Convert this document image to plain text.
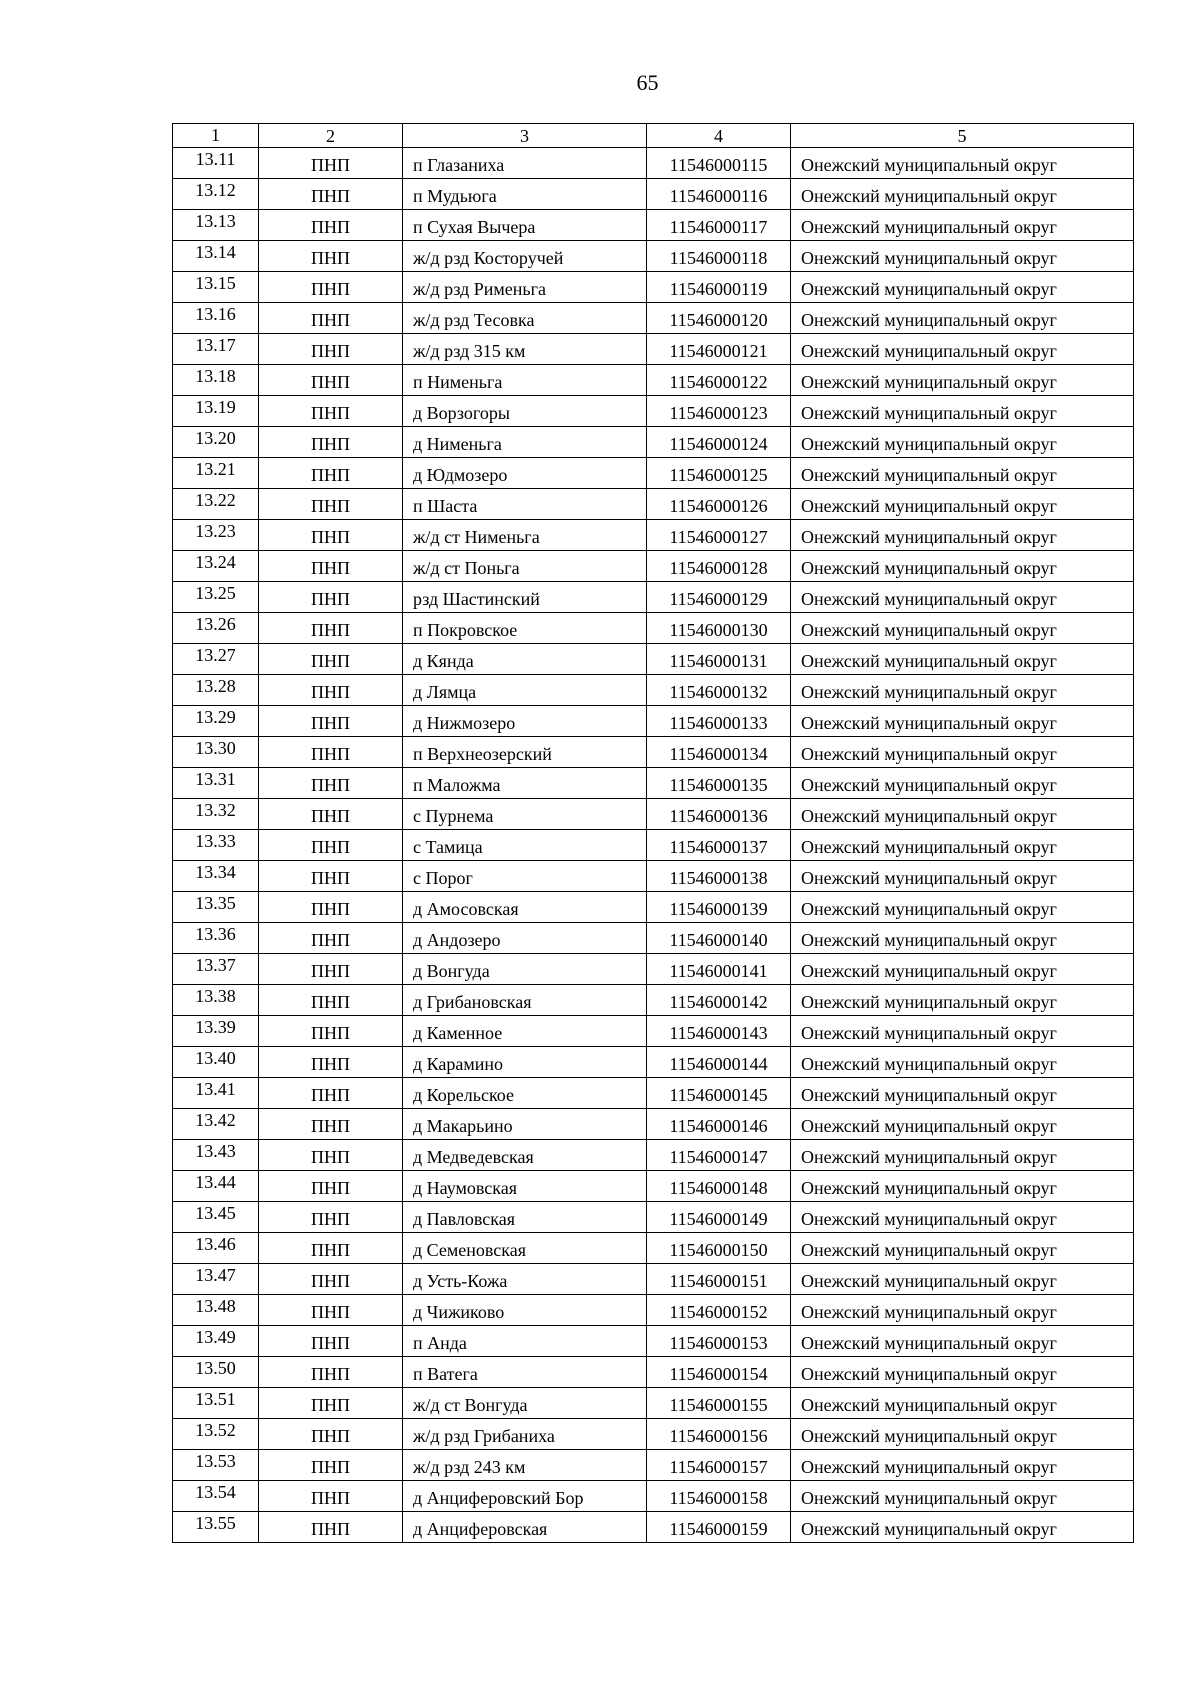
65
1	2	3	4	5
13.11	ПНП	п Глазаниха	11546000115	Онежский муниципальный округ
13.12	ПНП	п Мудьюга	11546000116	Онежский муниципальный округ
13.13	ПНП	п Сухая Вычера	11546000117	Онежский муниципальный округ
13.14	ПНП	ж/д рзд Косторучей	11546000118	Онежский муниципальный округ
13.15	ПНП	ж/д рзд Рименьга	11546000119	Онежский муниципальный округ
13.16	ПНП	ж/д рзд Тесовка	11546000120	Онежский муниципальный округ
13.17	ПНП	ж/д рзд 315 км	11546000121	Онежский муниципальный округ
13.18	ПНП	п Нименьга	11546000122	Онежский муниципальный округ
13.19	ПНП	д Ворзогоры	11546000123	Онежский муниципальный округ
13.20	ПНП	д Нименьга	11546000124	Онежский муниципальный округ
13.21	ПНП	д Юдмозеро	11546000125	Онежский муниципальный округ
13.22	ПНП	п Шаста	11546000126	Онежский муниципальный округ
13.23	ПНП	ж/д ст Нименьга	11546000127	Онежский муниципальный округ
13.24	ПНП	ж/д ст Поньга	11546000128	Онежский муниципальный округ
13.25	ПНП	рзд Шастинский	11546000129	Онежский муниципальный округ
13.26	ПНП	п Покровское	11546000130	Онежский муниципальный округ
13.27	ПНП	д Кянда	11546000131	Онежский муниципальный округ
13.28	ПНП	д Лямца	11546000132	Онежский муниципальный округ
13.29	ПНП	д Нижмозеро	11546000133	Онежский муниципальный округ
13.30	ПНП	п Верхнеозерский	11546000134	Онежский муниципальный округ
13.31	ПНП	п Маложма	11546000135	Онежский муниципальный округ
13.32	ПНП	с Пурнема	11546000136	Онежский муниципальный округ
13.33	ПНП	с Тамица	11546000137	Онежский муниципальный округ
13.34	ПНП	с Порог	11546000138	Онежский муниципальный округ
13.35	ПНП	д Амосовская	11546000139	Онежский муниципальный округ
13.36	ПНП	д Андозеро	11546000140	Онежский муниципальный округ
13.37	ПНП	д Вонгуда	11546000141	Онежский муниципальный округ
13.38	ПНП	д Грибановская	11546000142	Онежский муниципальный округ
13.39	ПНП	д Каменное	11546000143	Онежский муниципальный округ
13.40	ПНП	д Карамино	11546000144	Онежский муниципальный округ
13.41	ПНП	д Корельское	11546000145	Онежский муниципальный округ
13.42	ПНП	д Макарьино	11546000146	Онежский муниципальный округ
13.43	ПНП	д Медведевская	11546000147	Онежский муниципальный округ
13.44	ПНП	д Наумовская	11546000148	Онежский муниципальный округ
13.45	ПНП	д Павловская	11546000149	Онежский муниципальный округ
13.46	ПНП	д Семеновская	11546000150	Онежский муниципальный округ
13.47	ПНП	д Усть-Кожа	11546000151	Онежский муниципальный округ
13.48	ПНП	д Чижиково	11546000152	Онежский муниципальный округ
13.49	ПНП	п Анда	11546000153	Онежский муниципальный округ
13.50	ПНП	п Ватега	11546000154	Онежский муниципальный округ
13.51	ПНП	ж/д ст Вонгуда	11546000155	Онежский муниципальный округ
13.52	ПНП	ж/д рзд Грибаниха	11546000156	Онежский муниципальный округ
13.53	ПНП	ж/д рзд 243 км	11546000157	Онежский муниципальный округ
13.54	ПНП	д Анциферовский Бор	11546000158	Онежский муниципальный округ
13.55	ПНП	д Анциферовская	11546000159	Онежский муниципальный округ
